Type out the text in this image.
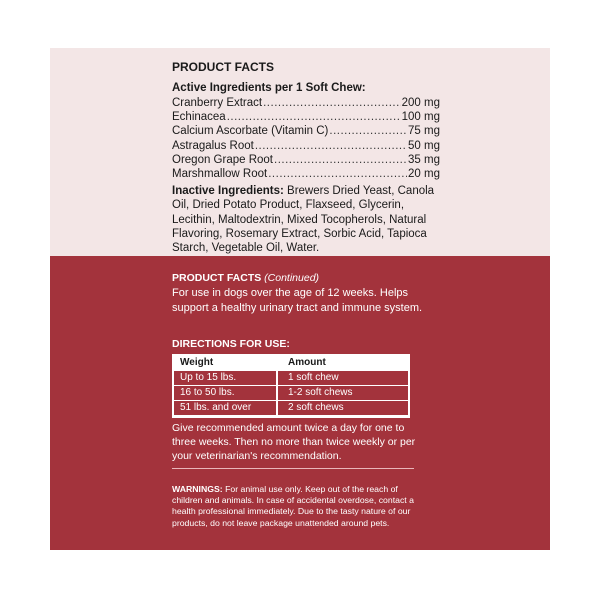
PRODUCT FACTS
Active Ingredients per 1 Soft Chew:
Cranberry Extract .....	200 mg
Echinacea .....	100 mg
Calcium Ascorbate (Vitamin C) .....	75 mg
Astragalus Root .....	50 mg
Oregon Grape Root .....	35 mg
Marshmallow Root .....	20 mg
Inactive Ingredients: Brewers Dried Yeast, Canola Oil, Dried Potato Product, Flaxseed, Glycerin, Lecithin, Maltodextrin, Mixed Tocopherols, Natural Flavoring, Rosemary Extract, Sorbic Acid, Tapioca Starch, Vegetable Oil, Water.
PRODUCT FACTS (Continued)
For use in dogs over the age of 12 weeks. Helps support a healthy urinary tract and immune system.
DIRECTIONS FOR USE:
Weight	Amount
Up to 15 lbs.	1 soft chew
16 to 50 lbs.	1-2 soft chews
51 lbs. and over	2 soft chews
Give recommended amount twice a day for one to three weeks. Then no more than twice weekly or per your veterinarian's recommendation.
WARNINGS: For animal use only. Keep out of the reach of children and animals. In case of accidental overdose, contact a health professional immediately. Due to the tasty nature of our products, do not leave package unattended around pets.
